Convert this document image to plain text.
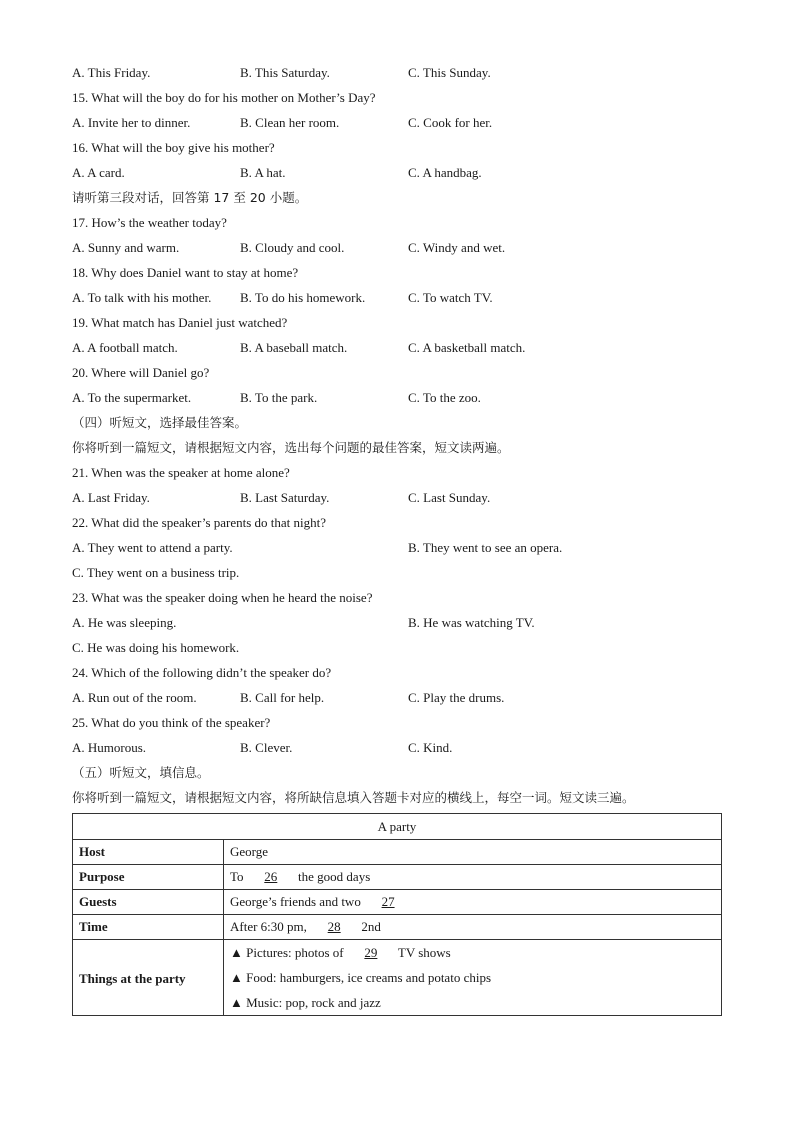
A. This Friday.	B. This Saturday.	C. This Sunday.
15. What will the boy do for his mother on Mother’s Day?
A. Invite her to dinner.	B. Clean her room.	C. Cook for her.
16. What will the boy give his mother?
A. A card.	B. A hat.	C. A handbag.
请听第三段对话，回答第 17 至 20 小题。
17. How’s the weather today?
A. Sunny and warm.	B. Cloudy and cool.	C. Windy and wet.
18. Why does Daniel want to stay at home?
A. To talk with his mother. B. To do his homework.	C. To watch TV.
19. What match has Daniel just watched?
A. A football match.	B. A baseball match.	C. A basketball match.
20. Where will Daniel go?
A. To the supermarket.	B. To the park.	C. To the zoo.
（四）听短文，选择最佳答案。
你将听到一篇短文，请根据短文内容，选出每个问题的最佳答案，短文读两遍。
21. When was the speaker at home alone?
A. Last Friday.	B. Last Saturday.	C. Last Sunday.
22. What did the speaker’s parents do that night?
A. They went to attend a party.	B. They went to see an opera.
C. They went on a business trip.
23. What was the speaker doing when he heard the noise?
A. He was sleeping.	B. He was watching TV.
C. He was doing his homework.
24. Which of the following didn’t the speaker do?
A. Run out of the room.	B. Call for help.	C. Play the drums.
25. What do you think of the speaker?
A. Humorous.	B. Clever.	C. Kind.
（五）听短文，填信息。
你将听到一篇短文，请根据短文内容，将所缺信息填入答题卡对应的横线上，每空一词。短文读三遍。
A party	
Host	George
Purpose	To 26 the good days
Guests	George’s friends and two 27
Time	After 6:30 pm, 28 2nd
Things at the party	▲ Pictures: photos of 29 TV shows
▲ Food: hamburgers, ice creams and potato chips
▲ Music: pop, rock and jazz
